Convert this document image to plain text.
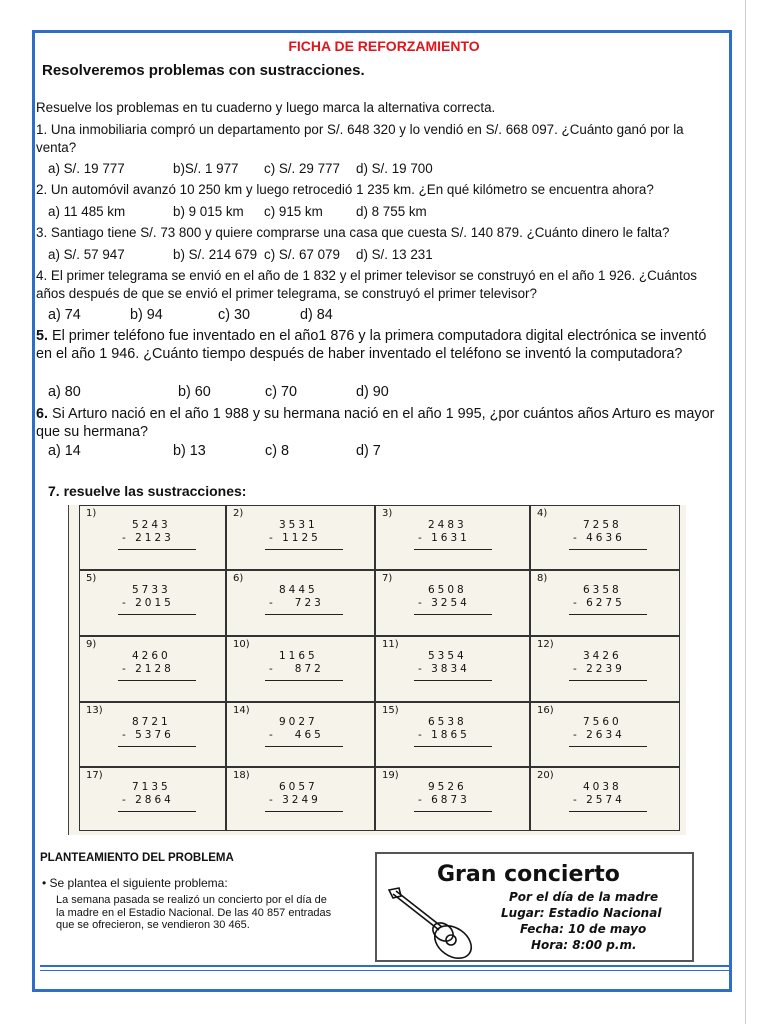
FICHA DE REFORZAMIENTO
Resolveremos problemas con sustracciones.
Resuelve los problemas en tu cuaderno y luego marca la alternativa correcta.
1. Una inmobiliaria compró un departamento por S/. 648 320 y lo vendió en S/. 668 097. ¿Cuánto ganó por la venta?
a) S/. 19 777	b)S/. 1 977 c) S/. 29 777 d) S/. 19 700
2. Un automóvil avanzó 10 250 km y luego retrocedió 1 235 km. ¿En qué kilómetro se encuentra ahora?
a) 11 485 km	b) 9 015 km c) 915 km d) 8 755 km
3. Santiago tiene S/. 73 800 y quiere comprarse una casa que cuesta S/. 140 879. ¿Cuánto dinero le falta?
a) S/. 57 947	b) S/. 214 679 c) S/. 67 079 d) S/. 13 231
4. El primer telegrama se envió en el año de 1 832 y el primer televisor se construyó en el año 1 926. ¿Cuántos años después de que se envió el primer telegrama, se construyó el primer televisor?
a) 74	b) 94	c) 30	d) 84
5. El primer teléfono fue inventado en el año1 876 y la primera computadora digital electrónica se inventó en el año 1 946. ¿Cuánto tiempo después de haber inventado el teléfono se inventó la computadora?
a) 80	b) 60	c) 70	d) 90
6. Si Arturo nació en el año 1 988 y su hermana nació en el año 1 995, ¿por cuántos años Arturo es mayor que su hermana?
a) 14	b) 13	c) 8	d) 7
7. resuelve las sustracciones:
1)
5243
- 2123
2)
3531
- 1125
3)
2483
- 1631
4)
7258
- 4636
5)
5733
- 2015
6)
8445
-   723
7)
6508
- 3254
8)
6358
- 6275
9)
4260
- 2128
10)
1165
-   872
11)
5354
- 3834
12)
3426
- 2239
13)
8721
- 5376
14)
9027
-   465
15)
6538
- 1865
16)
7560
- 2634
17)
7135
- 2864
18)
6057
- 3249
19)
9526
- 6873
20)
4038
- 2574
PLANTEAMIENTO DEL PROBLEMA
• Se plantea el siguiente problema:
La semana pasada se realizó un concierto por el día de la madre en el Estadio Nacional. De las 40 857 entradas que se ofrecieron, se vendieron 30 465.
Gran concierto
Por el día de la madre
Lugar: Estadio Nacional
Fecha: 10 de mayo
Hora: 8:00 p.m.
